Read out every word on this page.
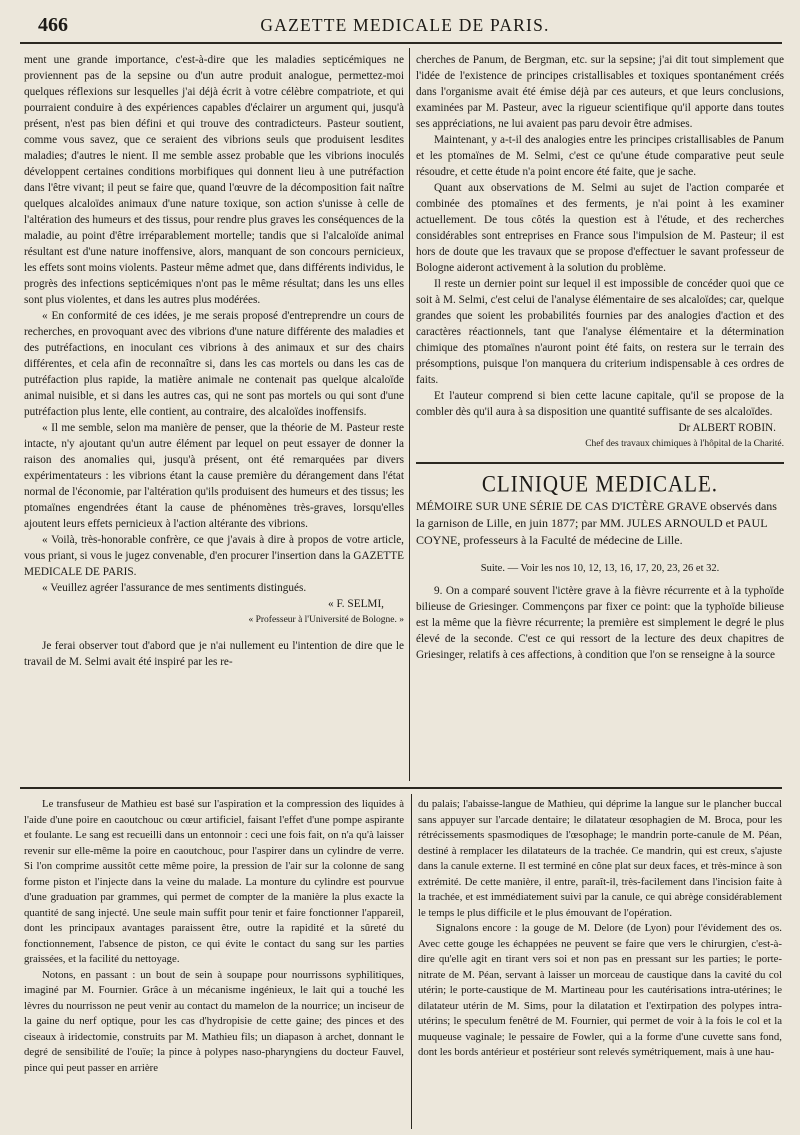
466	GAZETTE MEDICALE DE PARIS.

ment une grande importance, c'est-à-dire que les maladies septicémiques ne proviennent pas de la sepsine ou d'un autre produit analogue, permettez-moi quelques réflexions sur lesquelles j'ai déjà écrit à votre célèbre compatriote, et qui pourraient conduire à des expériences capables d'éclairer un argument qui, jusqu'à présent, n'est pas bien défini et qui trouve des contradicteurs. Pasteur soutient, comme vous savez, que ce seraient des vibrions seuls que produisent lesdites maladies; d'autres le nient. Il me semble assez probable que les vibrions inoculés développent certaines conditions morbifiques qui donnent lieu à une putréfaction dans l'être vivant; il peut se faire que, quand l'œuvre de la décomposition fait naître quelques alcaloïdes animaux d'une nature toxique, son action s'unisse à celle de l'altération des humeurs et des tissus, pour rendre plus graves les conséquences de la maladie, au point d'être irréparablement mortelle; tandis que si l'alcaloïde animal résultant est d'une nature inoffensive, alors, manquant de son concours pernicieux, les effets sont moins violents. Pasteur même admet que, dans différents individus, le progrès des infections septicémiques n'ont pas le même résultat; dans les uns elles sont plus violentes, et dans les autres plus modérées.

« En conformité de ces idées, je me serais proposé d'entreprendre un cours de recherches, en provoquant avec des vibrions d'une nature différente des maladies et des putréfactions, en inoculant ces vibrions à des animaux et sur des chairs différentes, et cela afin de reconnaître si, dans les cas mortels ou dans les cas de putréfaction plus rapide, la matière animale ne contenait pas quelque alcaloïde animal nuisible, et si dans les autres cas, qui ne sont pas mortels ou qui sont d'une putréfaction plus lente, elle contient, au contraire, des alcaloïdes inoffensifs.

« Il me semble, selon ma manière de penser, que la théorie de M. Pasteur reste intacte, n'y ajoutant qu'un autre élément par lequel on peut essayer de donner la raison des anomalies qui, jusqu'à présent, ont été remarquées par divers expérimentateurs : les vibrions étant la cause première du dérangement dans l'état normal de l'économie, par l'altération qu'ils produisent des humeurs et des tissus; les ptomaïnes engendrées étant la cause de phénomènes très-graves, lorsqu'elles ajoutent leurs effets pernicieux à l'action altérante des vibrions.

« Voilà, très-honorable confrère, ce que j'avais à dire à propos de votre article, vous priant, si vous le jugez convenable, d'en procurer l'insertion dans la GAZETTE MEDICALE DE PARIS.

« Veuillez agréer l'assurance de mes sentiments distingués.

« F. SELMI,

« Professeur à l'Université de Bologne. »

Je ferai observer tout d'abord que je n'ai nullement eu l'intention de dire que le travail de M. Selmi avait été inspiré par les re-

cherches de Panum, de Bergman, etc. sur la sepsine; j'ai dit tout simplement que l'idée de l'existence de principes cristallisables et toxiques spontanément créés dans l'organisme avait été émise déjà par ces auteurs, et que leurs conclusions, examinées par M. Pasteur, avec la rigueur scientifique qu'il apporte dans toutes ses appréciations, ne lui avaient pas paru devoir être admises.

Maintenant, y a-t-il des analogies entre les principes cristallisables de Panum et les ptomaïnes de M. Selmi, c'est ce qu'une étude comparative peut seule résoudre, et cette étude n'a point encore été faite, que je sache.

Quant aux observations de M. Selmi au sujet de l'action comparée et combinée des ptomaïnes et des ferments, je n'ai point à les examiner actuellement. De tous côtés la question est à l'étude, et des recherches considérables sont entreprises en France sous l'impulsion de M. Pasteur; il est hors de doute que les travaux que se propose d'effectuer le savant professeur de Bologne aideront activement à la solution du problème.

Il reste un dernier point sur lequel il est impossible de concéder quoi que ce soit à M. Selmi, c'est celui de l'analyse élémentaire de ses alcaloïdes; car, quelque grandes que soient les probabilités fournies par des analogies d'action et des caractères réactionnels, tant que l'analyse élémentaire et la détermination chimique des ptomaïnes n'auront point été faits, on restera sur le terrain des présomptions, puisque l'on manquera du criterium indispensable à ces ordres de faits.

Et l'auteur comprend si bien cette lacune capitale, qu'il se propose de la combler dès qu'il aura à sa disposition une quantité suffisante de ses alcaloïdes.

Dr ALBERT ROBIN.

Chef des travaux chimiques à l'hôpital de la Charité.

CLINIQUE MEDICALE.

MÉMOIRE SUR UNE SÉRIE DE CAS D'ICTÈRE GRAVE observés dans la garnison de Lille, en juin 1877; par MM. JULES ARNOULD et PAUL COYNE, professeurs à la Faculté de médecine de Lille.

Suite. — Voir les nos 10, 12, 13, 16, 17, 20, 23, 26 et 32.

9. On a comparé souvent l'ictère grave à la fièvre récurrente et à la typhoïde bilieuse de Griesinger. Commençons par fixer ce point: que la typhoïde bilieuse est la même que la fièvre récurrente; la première est simplement le degré le plus élevé de la seconde. C'est ce qui ressort de la lecture des deux chapitres de Griesinger, relatifs à ces affections, à condition que l'on se renseigne à la source

Le transfuseur de Mathieu est basé sur l'aspiration et la compression des liquides à l'aide d'une poire en caoutchouc ou cœur artificiel, faisant l'effet d'une pompe aspirante et foulante. Le sang est recueilli dans un entonnoir : ceci une fois fait, on n'a qu'à laisser revenir sur elle-même la poire en caoutchouc, pour l'aspirer dans un cylindre de verre. Si l'on comprime aussitôt cette même poire, la pression de l'air sur la colonne de sang forme piston et l'injecte dans la veine du malade. La monture du cylindre est pourvue d'une graduation par grammes, qui permet de compter de la manière la plus exacte la quantité de sang injecté. Une seule main suffit pour tenir et faire fonctionner l'appareil, dont les principaux avantages paraissent être, outre la rapidité et la sûreté du fonctionnement, l'absence de piston, ce qui évite le contact du sang sur les parties graissées, et la facilité du nettoyage.

Notons, en passant : un bout de sein à soupape pour nourrissons syphilitiques, imaginé par M. Fournier. Grâce à un mécanisme ingénieux, le lait qui a touché les lèvres du nourrisson ne peut venir au contact du mamelon de la nourrice; un inciseur de la gaine du nerf optique, pour les cas d'hydropisie de cette gaine; des pinces et des ciseaux à iridectomie, construits par M. Mathieu fils; un diapason à archet, donnant le degré de sensibilité de l'ouïe; la pince à polypes naso-pharyngiens du docteur Fauvel, pince qui peut passer en arrière

du palais; l'abaisse-langue de Mathieu, qui déprime la langue sur le plancher buccal sans appuyer sur l'arcade dentaire; le dilatateur œsophagien de M. Broca, pour les rétrécissements spasmodiques de l'œsophage; le mandrin porte-canule de M. Péan, destiné à remplacer les dilatateurs de la trachée. Ce mandrin, qui est creux, s'ajuste dans la canule externe. Il est terminé en cône plat sur deux faces, et très-mince à son extrémité. De cette manière, il entre, paraît-il, très-facilement dans l'incision faite à la trachée, et est immédiatement suivi par la canule, ce qui abrège considérablement le temps le plus difficile et le plus émouvant de l'opération.

Signalons encore : la gouge de M. Delore (de Lyon) pour l'évidement des os. Avec cette gouge les échappées ne peuvent se faire que vers le chirurgien, c'est-à-dire qu'elle agit en tirant vers soi et non pas en pressant sur les parties; le porte-nitrate de M. Péan, servant à laisser un morceau de caustique dans la cavité du col utérin; le porte-caustique de M. Martineau pour les cautérisations intra-utérines; le dilatateur utérin de M. Sims, pour la dilatation et l'extirpation des polypes intra-utérins; le speculum fenêtré de M. Fournier, qui permet de voir à la fois le col et la muqueuse vaginale; le pessaire de Fowler, qui a la forme d'une cuvette sans fond, dont les bords antérieur et postérieur sont relevés symétriquement, mais à une hau-
